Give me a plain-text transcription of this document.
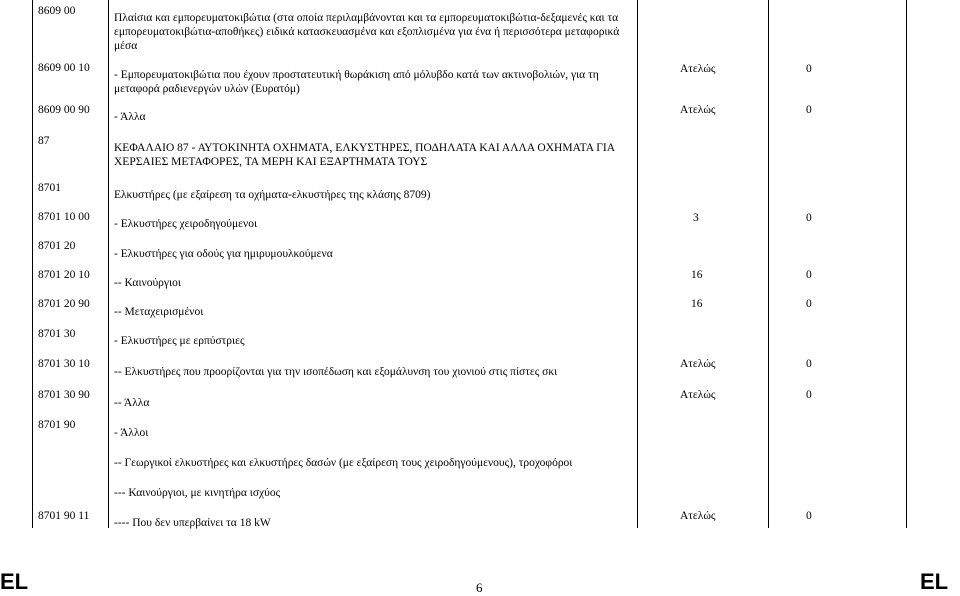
8609 00
Πλαίσια και εμπορευματοκιβώτια (στα οποία περιλαμβάνονται και τα εμπορευματοκιβώτια-δεξαμενές και τα εμπορευματοκιβώτια-αποθήκες) ειδικά κατασκευασμένα και εξοπλισμένα για ένα ή περισσότερα μεταφορικά μέσα
8609 00 10
- Εμπορευματοκιβώτια που έχουν προστατευτική θωράκιση από μόλυβδο κατά των ακτινοβολιών, για τη μεταφορά ραδιενεργών υλών (Ευρατόμ)
Ατελώς	0
8609 00 90
- Άλλα
Ατελώς	0
87
ΚΕΦΑΛΑΙΟ 87 - ΑΥΤΟΚΙΝΗΤΑ ΟΧΗΜΑΤΑ, ΕΛΚΥΣΤΗΡΕΣ, ΠΟΔΗΛΑΤΑ ΚΑΙ ΑΛΛΑ ΟΧΗΜΑΤΑ ΓΙΑ ΧΕΡΣΑΙΕΣ ΜΕΤΑΦΟΡΕΣ, ΤΑ ΜΕΡΗ ΚΑΙ ΕΞΑΡΤΗΜΑΤΑ ΤΟΥΣ
8701
Ελκυστήρες (με εξαίρεση τα οχήματα-ελκυστήρες της κλάσης 8709)
8701 10 00
- Ελκυστήρες χειροδηγούμενοι	3	0
8701 20
- Ελκυστήρες για οδούς για ημιρυμουλκούμενα
8701 20 10
-- Καινούργιοι
16	0
8701 20 90
-- Μεταχειρισμένοι
16	0
8701 30
- Ελκυστήρες με ερπύστριες
8701 30 10
-- Ελκυστήρες που προορίζονται για την ισοπέδωση και εξομάλυνση του χιονιού στις πίστες σκι
Ατελώς	0
8701 30 90
-- Άλλα
Ατελώς	0
8701 90
- Άλλοι
-- Γεωργικοί ελκυστήρες και ελκυστήρες δασών (με εξαίρεση τους χειροδηγούμενους), τροχοφόροι
--- Καινούργιοι, με κινητήρα ισχύος
8701 90 11
---- Που δεν υπερβαίνει τα 18 kW
Ατελώς	0
EL	6	EL
